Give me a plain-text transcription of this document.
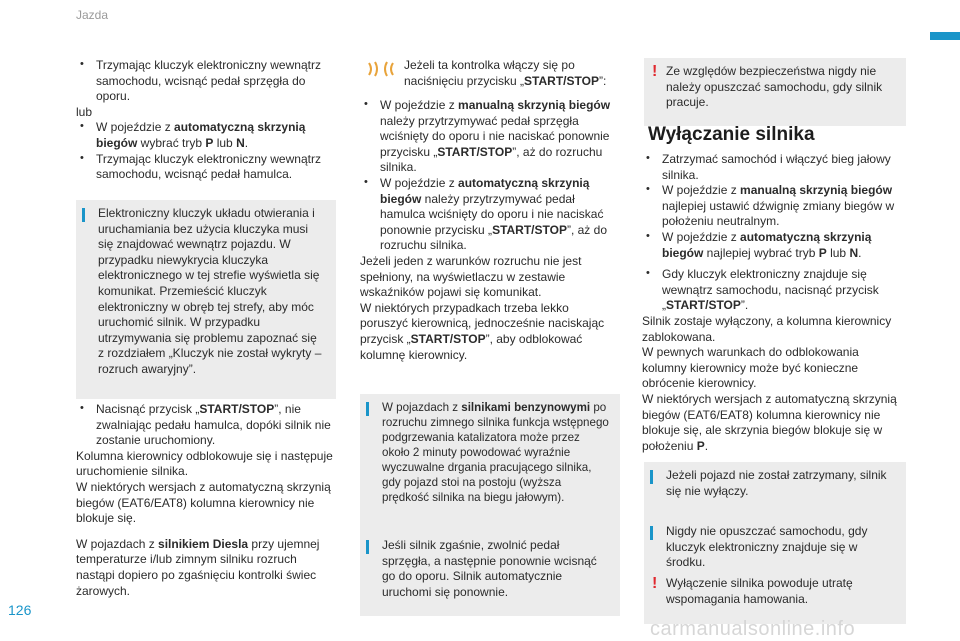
Jazda
• Trzymając kluczyk elektroniczny wewnątrz samochodu, wcisnąć pedał sprzęgła do oporu.
lub
• W pojeździe z automatyczną skrzynią biegów wybrać tryb P lub N.
• Trzymając kluczyk elektroniczny wewnątrz samochodu, wcisnąć pedał hamulca.
Elektroniczny kluczyk układu otwierania i uruchamiania bez użycia kluczyka musi się znajdować wewnątrz pojazdu. W przypadku niewykrycia kluczyka elektronicznego w tej strefie wyświetla się komunikat. Przemieścić kluczyk elektroniczny w obręb tej strefy, aby móc uruchomić silnik. W przypadku utrzymywania się problemu zapoznać się z rozdziałem „Kluczyk nie został wykryty – rozruch awaryjny”.
• Nacisnąć przycisk „START/STOP”, nie zwalniając pedału hamulca, dopóki silnik nie zostanie uruchomiony.
Kolumna kierownicy odblokowuje się i następuje uruchomienie silnika.
W niektórych wersjach z automatyczną skrzynią biegów (EAT6/EAT8) kolumna kierownicy nie blokuje się.
W pojazdach z silnikiem Diesla przy ujemnej temperaturze i/lub zimnym silniku rozruch nastąpi dopiero po zgaśnięciu kontrolki świec żarowych.
Jeżeli ta kontrolka włączy się po naciśnięciu przycisku „START/STOP”:
• W pojeździe z manualną skrzynią biegów należy przytrzymywać pedał sprzęgła wciśnięty do oporu i nie naciskać ponownie przycisku „START/STOP”, aż do rozruchu silnika.
• W pojeździe z automatyczną skrzynią biegów należy przytrzymywać pedał hamulca wciśnięty do oporu i nie naciskać ponownie przycisku „START/STOP”, aż do rozruchu silnika.
Jeżeli jeden z warunków rozruchu nie jest spełniony, na wyświetlaczu w zestawie wskaźników pojawi się komunikat.
W niektórych przypadkach trzeba lekko poruszyć kierownicą, jednocześnie naciskając przycisk „START/STOP”, aby odblokować kolumnę kierownicy.
W pojazdach z silnikami benzynowymi po rozruchu zimnego silnika funkcja wstępnego podgrzewania katalizatora może przez około 2 minuty powodować wyraźnie wyczuwalne drgania pracującego silnika, gdy pojazd stoi na postoju (wyższa prędkość silnika na biegu jałowym).
Jeśli silnik zgaśnie, zwolnić pedał sprzęgła, a następnie ponownie wcisnąć go do oporu. Silnik automatycznie uruchomi się ponownie.
! Ze względów bezpieczeństwa nigdy nie należy opuszczać samochodu, gdy silnik pracuje.
Wyłączanie silnika
• Zatrzymać samochód i włączyć bieg jałowy silnika.
• W pojeździe z manualną skrzynią biegów najlepiej ustawić dźwignię zmiany biegów w położeniu neutralnym.
• W pojeździe z automatyczną skrzynią biegów najlepiej wybrać tryb P lub N.
• Gdy kluczyk elektroniczny znajduje się wewnątrz samochodu, nacisnąć przycisk „START/STOP”.
Silnik zostaje wyłączony, a kolumna kierownicy zablokowana.
W pewnych warunkach do odblokowania kolumny kierownicy może być konieczne obrócenie kierownicy.
W niektórych wersjach z automatyczną skrzynią biegów (EAT6/EAT8) kolumna kierownicy nie blokuje się, ale skrzynia biegów blokuje się w położeniu P.
Jeżeli pojazd nie został zatrzymany, silnik się nie wyłączy.
Nigdy nie opuszczać samochodu, gdy kluczyk elektroniczny znajduje się w środku.
! Wyłączenie silnika powoduje utratę wspomagania hamowania.
126
carmanualsonline.info
